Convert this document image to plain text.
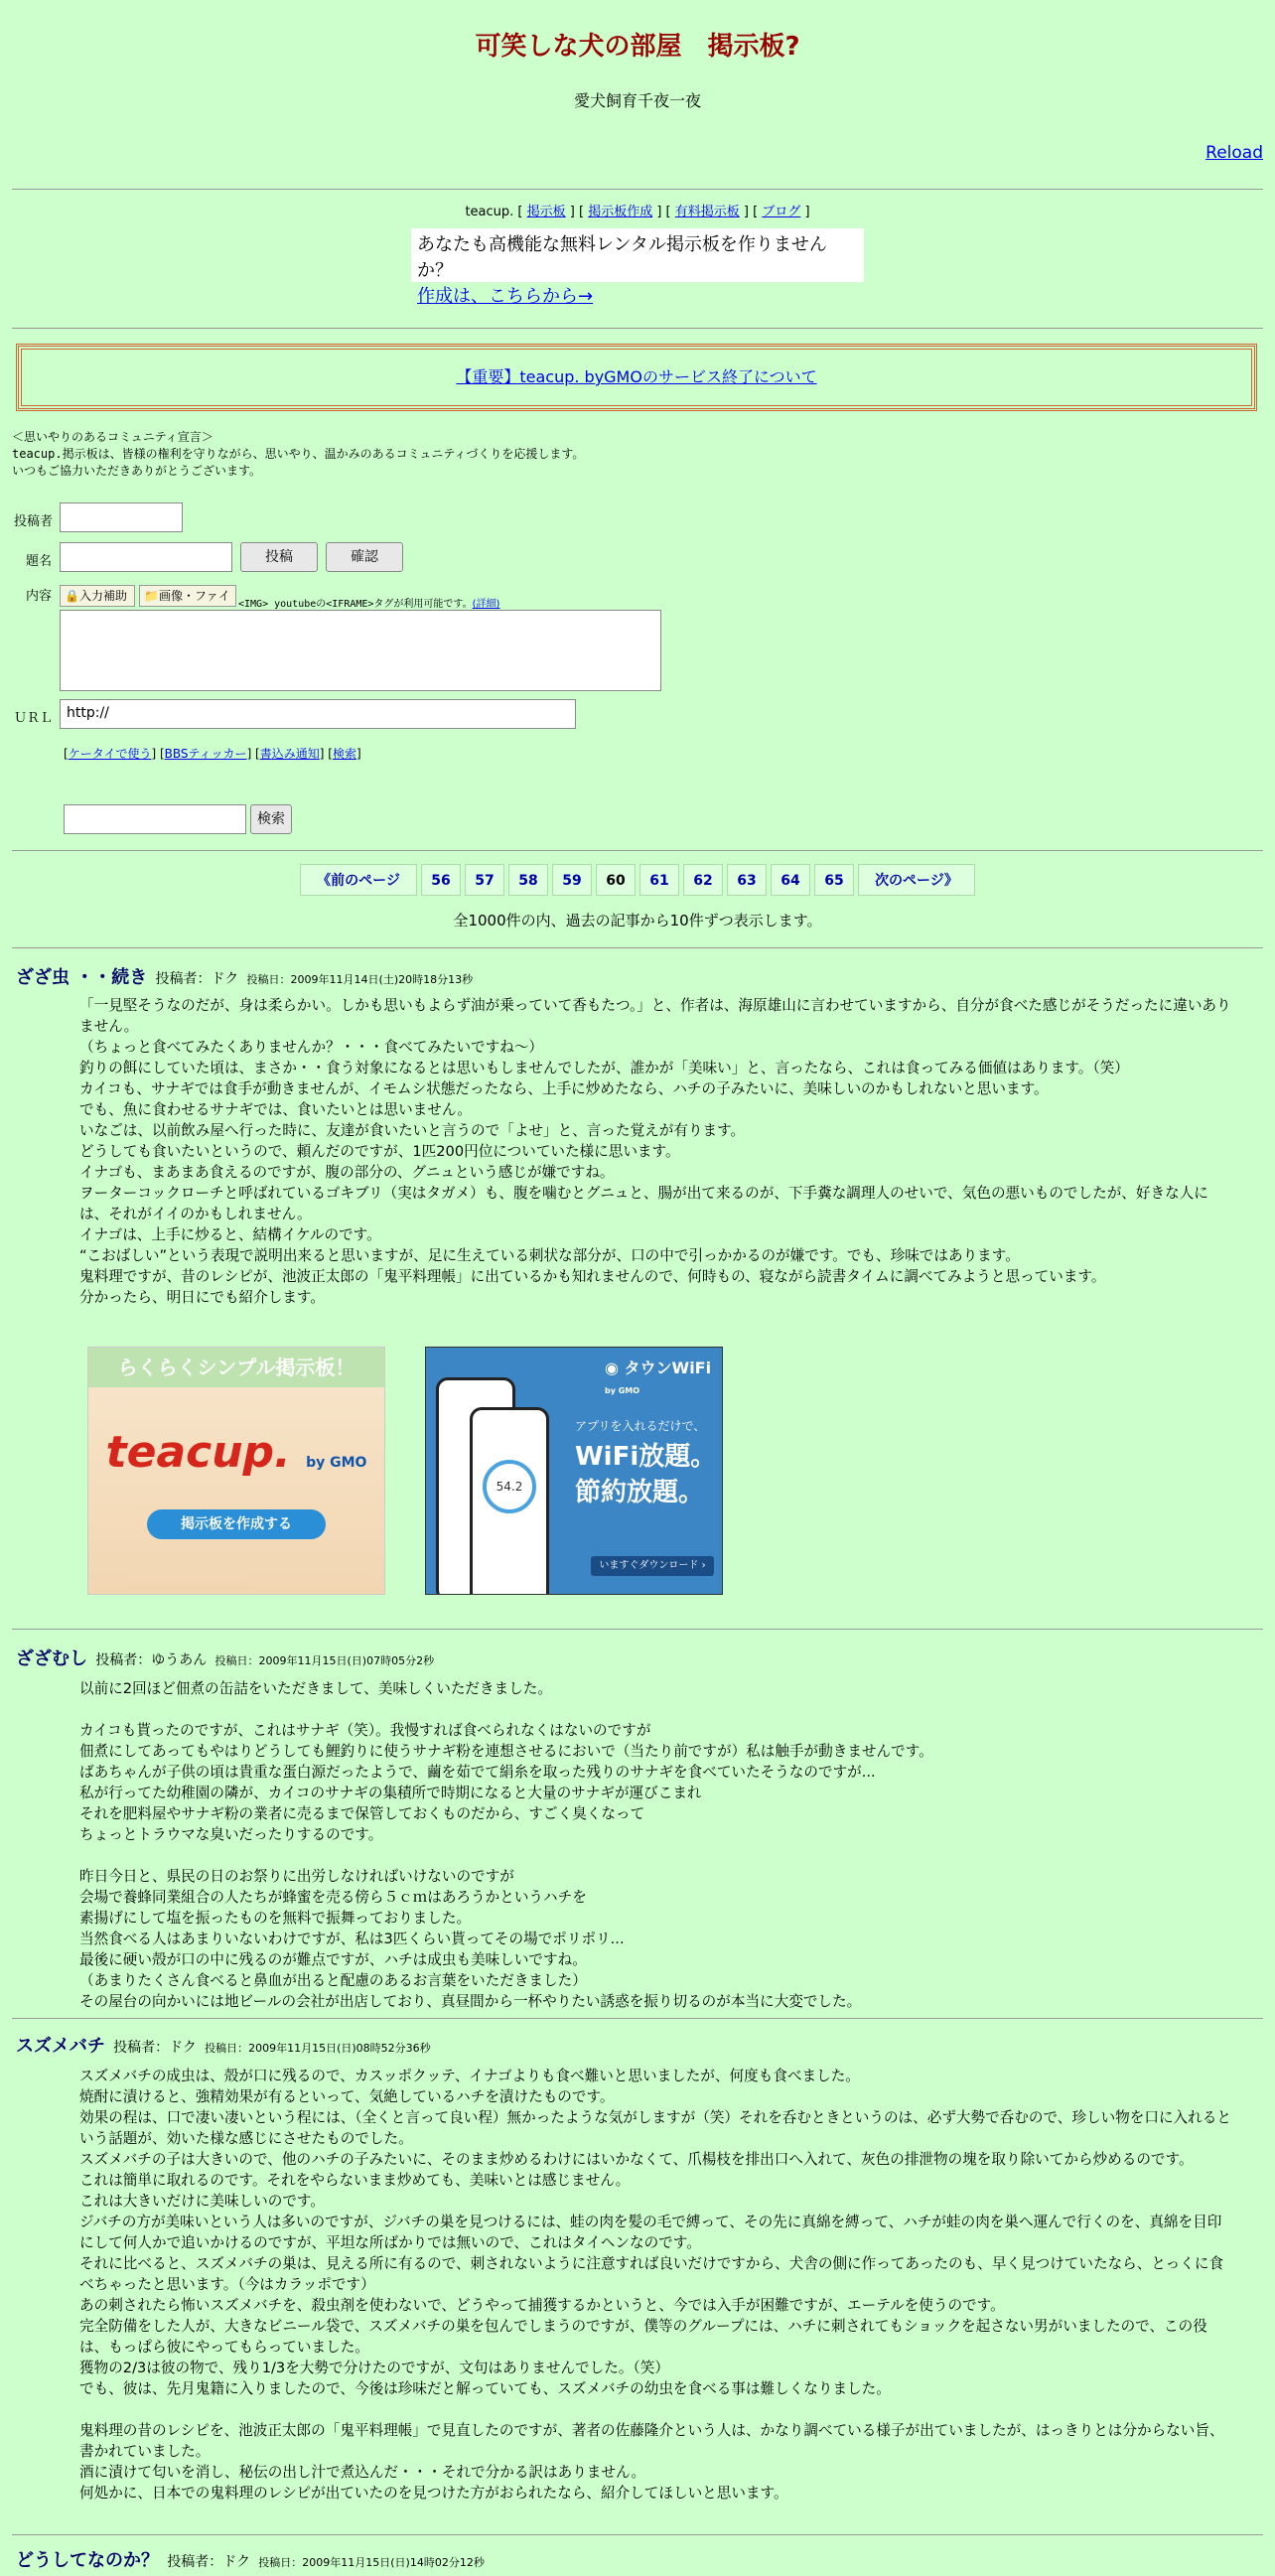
可笑しな犬の部屋　掲示板?
愛犬飼育千夜一夜
Reload
teacup. [ 掲示板 ] [ 掲示板作成 ] [ 有料掲示板 ] [ ブログ ]
あなたも高機能な無料レンタル掲示板を作りませんか？
作成は、こちらから→
【重要】teacup. byGMOのサービス終了について
＜思いやりのあるコミュニティ宣言＞
teacup.掲示板は、皆様の権利を守りながら、思いやり、温かみのあるコミュニティづくりを応援します。
いつもご協力いただきありがとうございます。
投稿者
題名	投稿	確認
内容	🔒入力補助	📁画像・ファイ
<IMG> youtubeの<IFRAME>タグが利用可能です。(詳細)
ＵＲＬ http://
[ケータイで使う] [BBSティッカー] [書込み通知] [検索]
検索
《前のページ	56	57	58	59	60	61	62	63	64	65	次のページ》
全1000件の内、過去の記事から10件ずつ表示します。
ざざ虫 ・・続き 投稿者：ドク 投稿日：2009年11月14日(土)20時18分13秒

「一見堅そうなのだが、身は柔らかい。しかも思いもよらず油が乗っていて香もたつ。」と、作者は、海原雄山に言わせていますから、自分が食べた感じがそうだったに違いありません。

（ちょっと食べてみたくありませんか？・・・食べてみたいですね～）

釣りの餌にしていた頃は、まさか・・食う対象になるとは思いもしませんでしたが、誰かが「美味い」と、言ったなら、これは食ってみる価値はあります。（笑）

カイコも、サナギでは食手が動きませんが、イモムシ状態だったなら、上手に炒めたなら、ハチの子みたいに、美味しいのかもしれないと思います。

でも、魚に食わせるサナギでは、食いたいとは思いません。

いなごは、以前飲み屋へ行った時に、友達が食いたいと言うので「よせ」と、言った覚えが有ります。

どうしても食いたいというので、頼んだのですが、1匹200円位についていた様に思います。

イナゴも、まあまあ食えるのですが、腹の部分の、グニュという感じが嫌ですね。

ヲーターコックローチと呼ばれているゴキブリ（実はタガメ）も、腹を噛むとグニュと、腸が出て来るのが、下手糞な調理人のせいで、気色の悪いものでしたが、好きな人には、それがイイのかもしれません。

イナゴは、上手に炒ると、結構イケルのです。

“こおばしい”という表現で説明出来ると思いますが、足に生えている刺状な部分が、口の中で引っかかるのが嫌です。でも、珍味ではあります。

鬼料理ですが、昔のレシピが、池波正太郎の「鬼平料理帳」に出ているかも知れませんので、何時もの、寝ながら読書タイムに調べてみようと思っています。

分かったら、明日にでも紹介します。

らくらくシンプル掲示板！
teacup. by GMO
掲示板を作成する
54.2
◉ タウンWiFi by GMO
アプリを入れるだけで、
WiFi放題。
節約放題。
いますぐダウンロード ›
ざざむし 投稿者：ゆうあん 投稿日：2009年11月15日(日)07時05分2秒

以前に2回ほど佃煮の缶詰をいただきまして、美味しくいただきました。

カイコも貰ったのですが、これはサナギ（笑）。我慢すれば食べられなくはないのですが

佃煮にしてあってもやはりどうしても鯉釣りに使うサナギ粉を連想させるにおいで（当たり前ですが）私は触手が動きませんです。

ばあちゃんが子供の頃は貴重な蛋白源だったようで、繭を茹でて絹糸を取った残りのサナギを食べていたそうなのですが...

私が行ってた幼稚園の隣が、カイコのサナギの集積所で時期になると大量のサナギが運びこまれ

それを肥料屋やサナギ粉の業者に売るまで保管しておくものだから、すごく臭くなって

ちょっとトラウマな臭いだったりするのです。

昨日今日と、県民の日のお祭りに出労しなければいけないのですが

会場で養蜂同業組合の人たちが蜂蜜を売る傍ら５ｃｍはあろうかというハチを

素揚げにして塩を振ったものを無料で振舞っておりました。

当然食べる人はあまりいないわけですが、私は3匹くらい貰ってその場でポリポリ...

最後に硬い殻が口の中に残るのが難点ですが、ハチは成虫も美味しいですね。

（あまりたくさん食べると鼻血が出ると配慮のあるお言葉をいただきました）

その屋台の向かいには地ビールの会社が出店しており、真昼間から一杯やりたい誘惑を振り切るのが本当に大変でした。

スズメバチ 投稿者：ドク 投稿日：2009年11月15日(日)08時52分36秒

スズメバチの成虫は、殻が口に残るので、カスッポクッテ、イナゴよりも食べ難いと思いましたが、何度も食べました。

焼酎に漬けると、強精効果が有るといって、気絶しているハチを漬けたものです。

効果の程は、口で凄い凄いという程には、（全くと言って良い程）無かったような気がしますが（笑）それを呑むときというのは、必ず大勢で呑むので、珍しい物を口に入れるという話題が、効いた様な感じにさせたものでした。

スズメバチの子は大きいので、他のハチの子みたいに、そのまま炒めるわけにはいかなくて、爪楊枝を排出口へ入れて、灰色の排泄物の塊を取り除いてから炒めるのです。

これは簡単に取れるのです。それをやらないまま炒めても、美味いとは感じません。

これは大きいだけに美味しいのです。

ジバチの方が美味いという人は多いのですが、ジバチの巣を見つけるには、蛙の肉を髪の毛で縛って、その先に真綿を縛って、ハチが蛙の肉を巣へ運んで行くのを、真綿を目印にして何人かで追いかけるのですが、平坦な所ばかりでは無いので、これはタイヘンなのです。

それに比べると、スズメバチの巣は、見える所に有るので、刺されないように注意すれば良いだけですから、犬舎の側に作ってあったのも、早く見つけていたなら、とっくに食べちゃったと思います。（今はカラッポです）

あの刺されたら怖いスズメバチを、殺虫剤を使わないで、どうやって捕獲するかというと、今では入手が困難ですが、エーテルを使うのです。

完全防備をした人が、大きなビニール袋で、スズメバチの巣を包んでしまうのですが、僕等のグループには、ハチに刺されてもショックを起さない男がいましたので、この役は、もっぱら彼にやってもらっていました。

獲物の2/3は彼の物で、残り1/3を大勢で分けたのですが、文句はありませんでした。（笑）

でも、彼は、先月鬼籍に入りましたので、今後は珍味だと解っていても、スズメバチの幼虫を食べる事は難しくなりました。

鬼料理の昔のレシピを、池波正太郎の「鬼平料理帳」で見直したのですが、著者の佐藤隆介という人は、かなり調べている様子が出ていましたが、はっきりとは分からない旨、書かれていました。

酒に漬けて匂いを消し、秘伝の出し汁で煮込んだ・・・それで分かる訳はありません。

何処かに、日本での鬼料理のレシピが出ていたのを見つけた方がおられたなら、紹介してほしいと思います。

どうしてなのか？ 投稿者：ドク 投稿日：2009年11月15日(日)14時02分12秒
